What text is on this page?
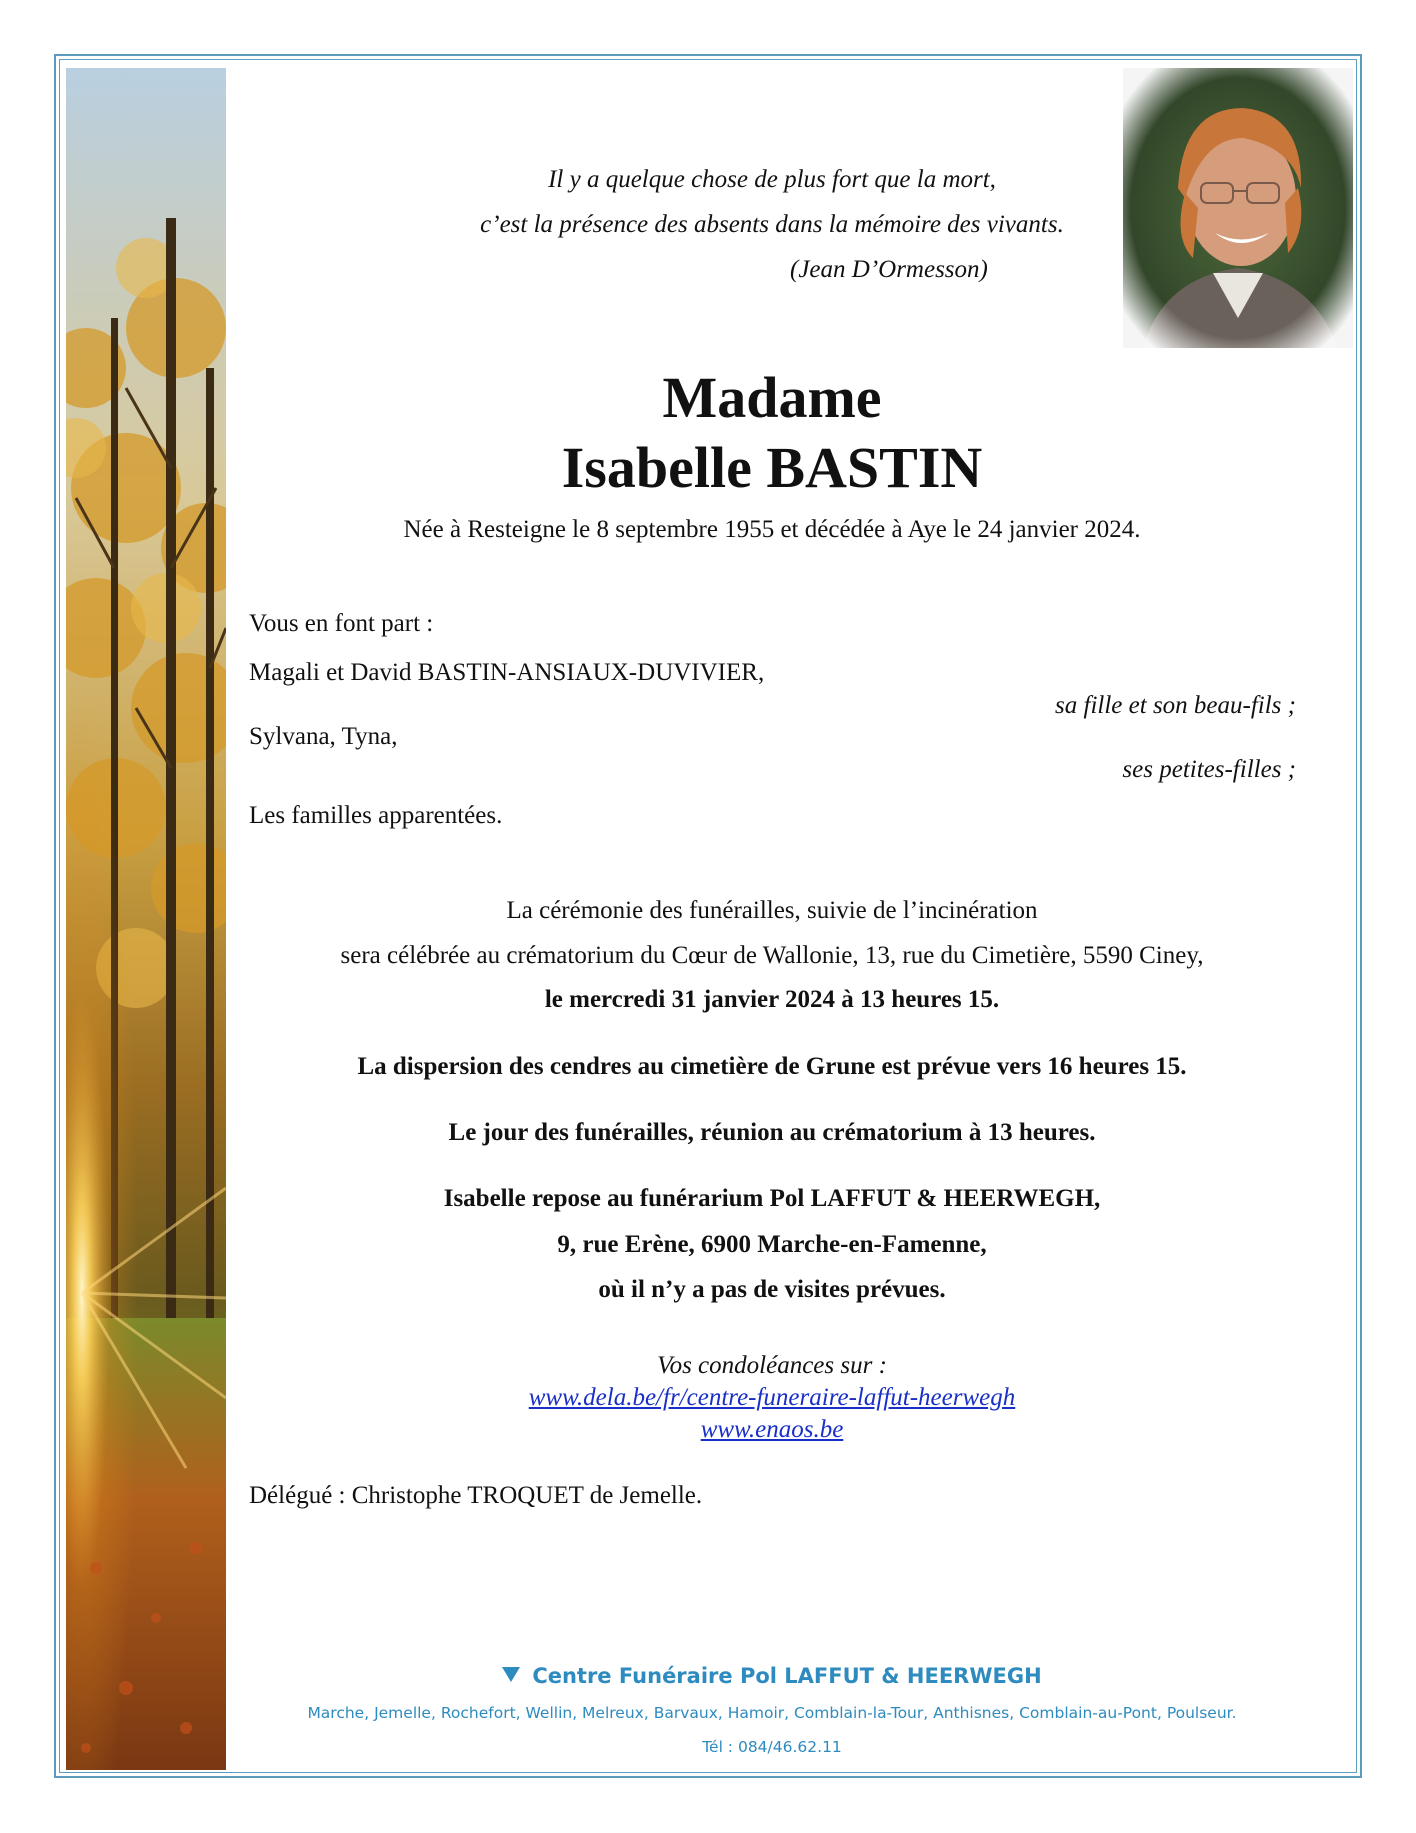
Il y a quelque chose de plus fort que la mort,
c’est la présence des absents dans la mémoire des vivants.
(Jean D’Ormesson)
Madame
Isabelle BASTIN
Née à Resteigne le 8 septembre 1955 et décédée à Aye le 24 janvier 2024.
Vous en font part :
Magali et David BASTIN-ANSIAUX-DUVIVIER,
sa fille et son beau-fils ;
Sylvana, Tyna,
ses petites-filles ;
Les familles apparentées.
La cérémonie des funérailles, suivie de l’incinération
sera célébrée au crématorium du Cœur de Wallonie, 13, rue du Cimetière, 5590 Ciney,
le mercredi 31 janvier 2024 à 13 heures 15.
La dispersion des cendres au cimetière de Grune est prévue vers 16 heures 15.
Le jour des funérailles, réunion au crématorium à 13 heures.
Isabelle repose au funérarium Pol LAFFUT & HEERWEGH,
9, rue Erène, 6900 Marche-en-Famenne,
où il n’y a pas de visites prévues.
Vos condoléances sur :
www.dela.be/fr/centre-funeraire-laffut-heerwegh
www.enaos.be
Délégué : Christophe TROQUET de Jemelle.
Centre Funéraire Pol LAFFUT & HEERWEGH
Marche, Jemelle, Rochefort, Wellin, Melreux, Barvaux, Hamoir, Comblain-la-Tour, Anthisnes, Comblain-au-Pont, Poulseur.
Tél : 084/46.62.11
